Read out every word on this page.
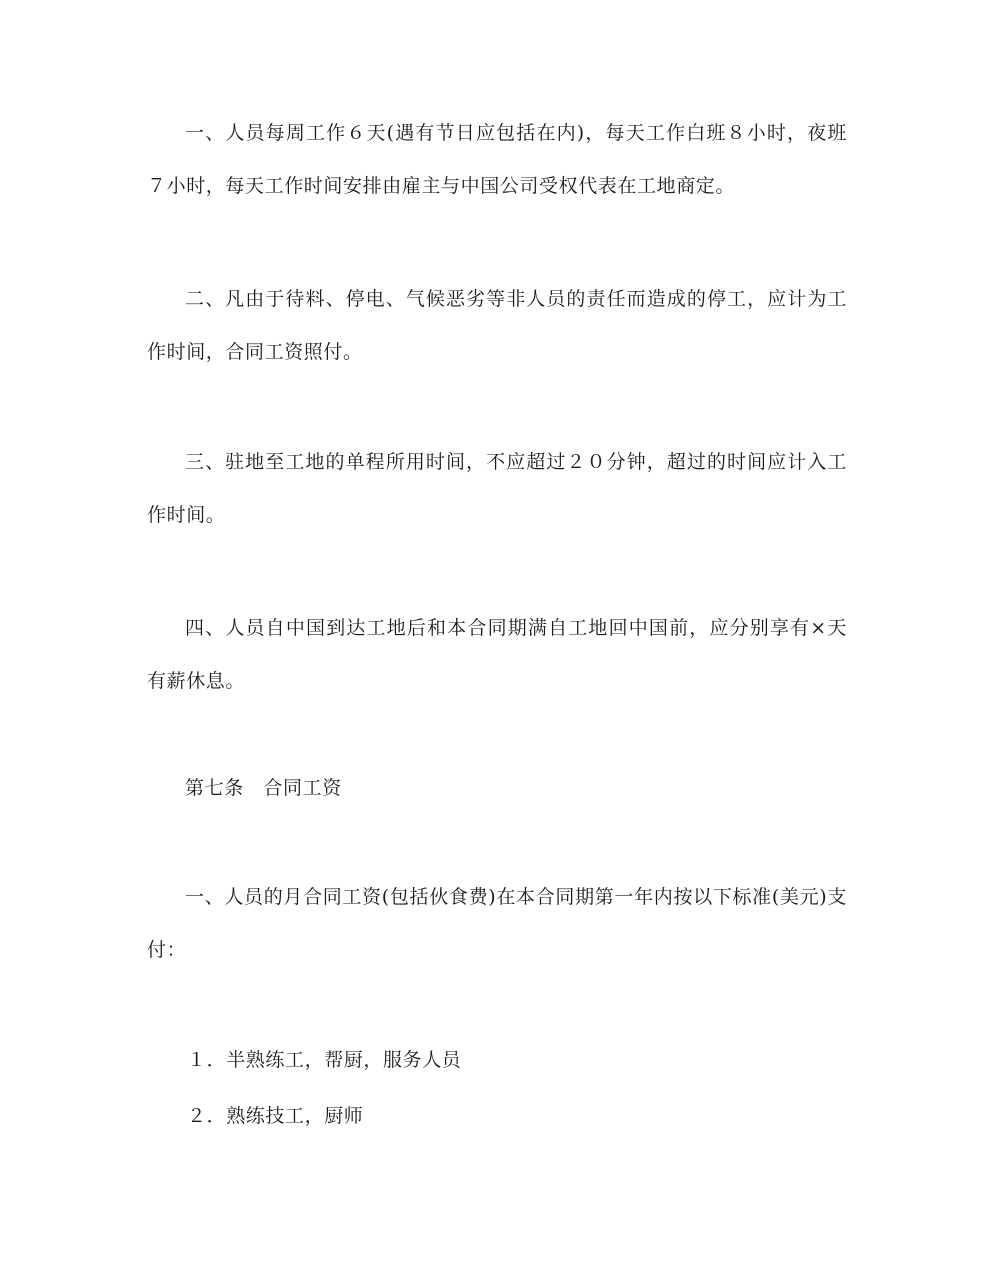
一、人员每周工作６天(遇有节日应包括在内)，每天工作白班８小时，夜班７小时，每天工作时间安排由雇主与中国公司受权代表在工地商定。

二、凡由于待料、停电、气候恶劣等非人员的责任而造成的停工，应计为工作时间，合同工资照付。

三、驻地至工地的单程所用时间，不应超过２０分钟，超过的时间应计入工作时间。

四、人员自中国到达工地后和本合同期满自工地回中国前，应分别享有×天有薪休息。

第七条　合同工资

一、人员的月合同工资(包括伙食费)在本合同期第一年内按以下标准(美元)支付：

１．半熟练工，帮厨，服务人员

２．熟练技工，厨师
